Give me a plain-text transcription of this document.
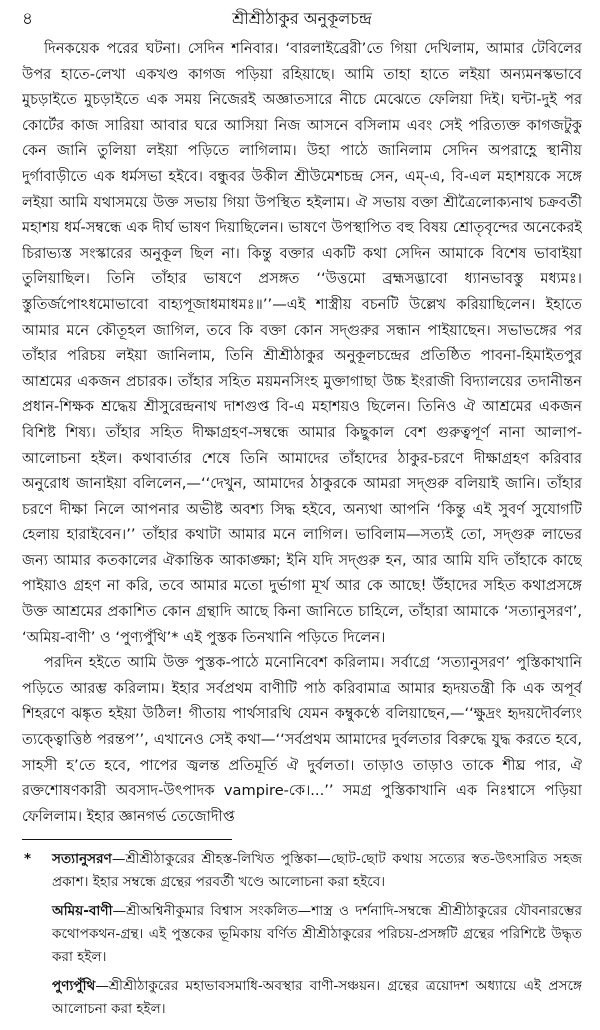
৪	শ্রীশ্রীঠাকুর অনুকূলচন্দ্র

দিনকয়েক পরের ঘটনা। সেদিন শনিবার। ‘বারলাইব্রেরী’তে গিয়া দেখিলাম, আমার টেবিলের উপর হাতে-লেখা একখণ্ড কাগজ পড়িয়া রহিয়াছে। আমি তাহা হাতে লইয়া অন্যমনস্কভাবে মুচড়াইতে মুচড়াইতে এক সময় নিজেরই অজ্ঞাতসারে নীচে মেঝেতে ফেলিয়া দিই। ঘন্টা-দুই পর কোর্টের কাজ সারিয়া আবার ঘরে আসিয়া নিজ আসনে বসিলাম এবং সেই পরিত্যক্ত কাগজটুকু কেন জানি তুলিয়া লইয়া পড়িতে লাগিলাম। উহা পাঠে জানিলাম সেদিন অপরাহ্ণে স্থানীয় দুর্গাবাড়ীতে এক ধর্মসভা হইবে। বন্ধুবর উকীল শ্রীউমেশচন্দ্র সেন, এম্-এ, বি-এল মহাশয়কে সঙ্গে লইয়া আমি যথাসময়ে উক্ত সভায় গিয়া উপস্থিত হইলাম। ঐ সভায় বক্তা শ্রীত্রৈলোক্যনাথ চক্রবর্তী মহাশয় ধর্ম-সম্বন্ধে এক দীর্ঘ ভাষণ দিয়াছিলেন। ভাষণে উপস্থাপিত বহু বিষয় শ্রোতৃবৃন্দের অনেকেরই চিরাভ্যস্ত সংস্কারের অনুকূল ছিল না। কিন্তু বক্তার একটি কথা সেদিন আমাকে বিশেষ ভাবাইয়া তুলিয়াছিল। তিনি তাঁহার ভাষণে প্রসঙ্গত ‘‘উত্তমো ব্রহ্মসদ্ভাবো ধ্যানভাবস্তু মধ্যমঃ। স্তুতির্জপোঽধমোভাবো বাহ্যপূজাধমাধমঃ॥’’—এই শাস্ত্রীয় বচনটি উল্লেখ করিয়াছিলেন। ইহাতে আমার মনে কৌতূহল জাগিল, তবে কি বক্তা কোন সদ্গুরুর সন্ধান পাইয়াছেন। সভাভঙ্গের পর তাঁহার পরিচয় লইয়া জানিলাম, তিনি শ্রীশ্রীঠাকুর অনুকূলচন্দ্রের প্রতিষ্ঠিত পাবনা-হিমাইতপুর আশ্রমের একজন প্রচারক। তাঁহার সহিত ময়মনসিংহ মুক্তাগাছা উচ্চ ইংরাজী বিদ্যালয়ের তদানীন্তন প্রধান-শিক্ষক শ্রদ্ধেয় শ্রীসুরেন্দ্রনাথ দাশগুপ্ত বি-এ মহাশয়ও ছিলেন। তিনিও ঐ আশ্রমের একজন বিশিষ্ট শিষ্য। তাঁহার সহিত দীক্ষাগ্রহণ-সম্বন্ধে আমার কিছুকাল বেশ গুরুত্বপূর্ণ নানা আলাপ-আলোচনা হইল। কথাবার্তার শেষে তিনি আমাদের তাঁহাদের ঠাকুর-চরণে দীক্ষাগ্রহণ করিবার অনুরোধ জানাইয়া বলিলেন,—‘‘দেখুন, আমাদের ঠাকুরকে আমরা সদ্গুরু বলিয়াই জানি। তাঁহার চরণে দীক্ষা নিলে আপনার অভীষ্ট অবশ্য সিদ্ধ হইবে, অন্যথা আপনি ‘কিন্তু এই সুবর্ণ সুযোগটি হেলায় হারাইবেন।’’ তাঁহার কথাটা আমার মনে লাগিল। ভাবিলাম—সত্যই তো, সদ্গুরু লাভের জন্য আমার কতকালের ঐকান্তিক আকাঙ্ক্ষা; ইনি যদি সদ্গুরু হন, আর আমি যদি তাঁহাকে কাছে পাইয়াও গ্রহণ না করি, তবে আমার মতো দুর্ভাগা মূর্খ আর কে আছে! উঁহাদের সহিত কথাপ্রসঙ্গে উক্ত আশ্রমের প্রকাশিত কোন গ্রন্থাদি আছে কিনা জানিতে চাহিলে, তাঁহারা আমাকে ‘সত্যানুসরণ’, ‘অমিয়-বাণী’ ও ‘পুণ্যপুঁথি’* এই পুস্তক তিনখানি পড়িতে দিলেন।

পরদিন হইতে আমি উক্ত পুস্তক-পাঠে মনোনিবেশ করিলাম। সর্বাগ্রে ‘সত্যানুসরণ’ পুস্তিকাখানি পড়িতে আরম্ভ করিলাম। ইহার সর্বপ্রথম বাণীটি পাঠ করিবামাত্র আমার হৃদয়তন্ত্রী কি এক অপূর্ব শিহরণে ঝঙ্কৃত হইয়া উঠিল! গীতায় পার্থসারথি যেমন কম্বুকণ্ঠে বলিয়াছেন,—‘‘ক্ষুদ্রং হৃদয়দৌর্বল্যং ত্যক্ত্বোত্তিষ্ঠ পরন্তপ’’, এখানেও সেই কথা—‘‘সর্বপ্রথম আমাদের দুর্বলতার বিরুদ্ধে যুদ্ধ করতে হবে, সাহসী হ’তে হবে, পাপের জ্বলন্ত প্রতিমূর্তি ঐ দুর্বলতা। তাড়াও তাড়াও তাকে শীঘ্র পার, ঐ রক্তশোষণকারী অবসাদ-উৎপাদক vampire-কে।...’’ সমগ্র পুস্তিকাখানি এক নিঃশ্বাসে পড়িয়া ফেলিলাম। ইহার জ্ঞানগর্ভ তেজোদীপ্ত

* সত্যানুসরণ—শ্রীশ্রীঠাকুরের শ্রীহস্ত-লিখিত পুস্তিকা—ছোট-ছোট কথায় সত্যের স্বত-উৎসারিত সহজ প্রকাশ। ইহার সম্বন্ধে গ্রন্থের পরবর্তী খণ্ডে আলোচনা করা হইবে।
অমিয়-বাণী—শ্রীঅশ্বিনীকুমার বিশ্বাস সংকলিত—শাস্ত্র ও দর্শনাদি-সম্বন্ধে শ্রীশ্রীঠাকুরের যৌবনারম্ভের কথোপকথন-গ্রন্থ। এই পুস্তকের ভূমিকায় বর্ণিত শ্রীশ্রীঠাকুরের পরিচয়-প্রসঙ্গটি গ্রন্থের পরিশিষ্টে উদ্ধৃত করা হইল।
পুণ্যপুঁথি—শ্রীশ্রীঠাকুরের মহাভাবসমাধি-অবস্থার বাণী-সঞ্চয়ন। গ্রন্থের ত্রয়োদশ অধ্যায়ে এই প্রসঙ্গে আলোচনা করা হইল।
